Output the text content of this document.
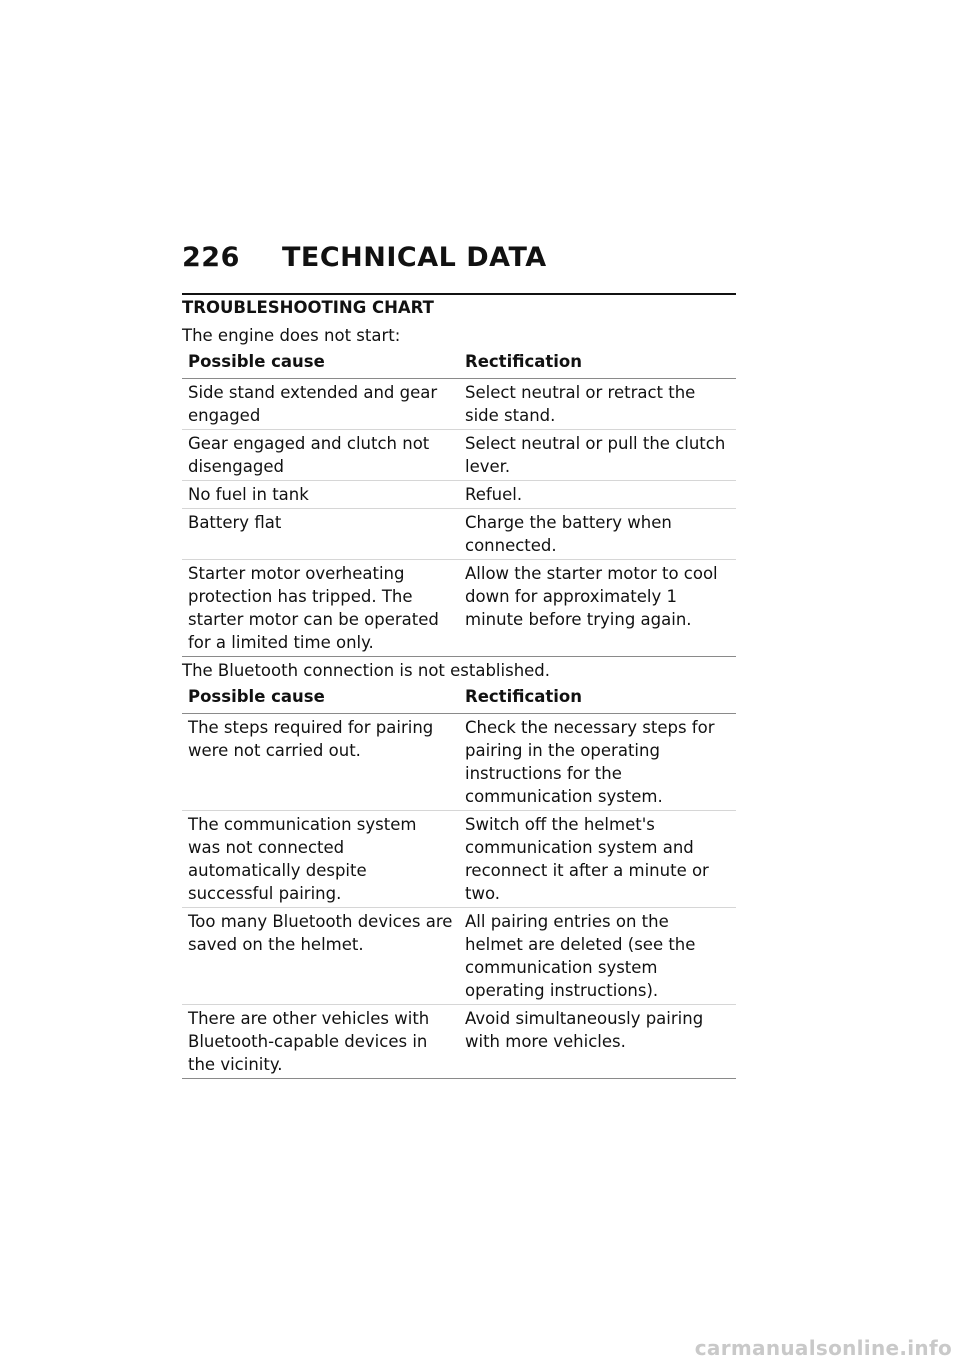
226 TECHNICAL DATA
TROUBLESHOOTING CHART
The engine does not start:
Possible cause	Rectification
Side stand extended and gear engaged	Select neutral or retract the side stand.
Gear engaged and clutch not disengaged	Select neutral or pull the clutch lever.
No fuel in tank	Refuel.
Battery flat	Charge the battery when connected.
Starter motor overheating protection has tripped. The starter motor can be operated for a limited time only.	Allow the starter motor to cool down for approximately 1 minute before trying again.
The Bluetooth connection is not established.
Possible cause	Rectification
The steps required for pairing were not carried out.	Check the necessary steps for pairing in the operating instructions for the communication system.
The communication system was not connected automatically despite successful pairing.	Switch off the helmet's communication system and reconnect it after a minute or two.
Too many Bluetooth devices are saved on the helmet.	All pairing entries on the helmet are deleted (see the communication system operating instructions).
There are other vehicles with Bluetooth-capable devices in the vicinity.	Avoid simultaneously pairing with more vehicles.
carmanualsonline.info
